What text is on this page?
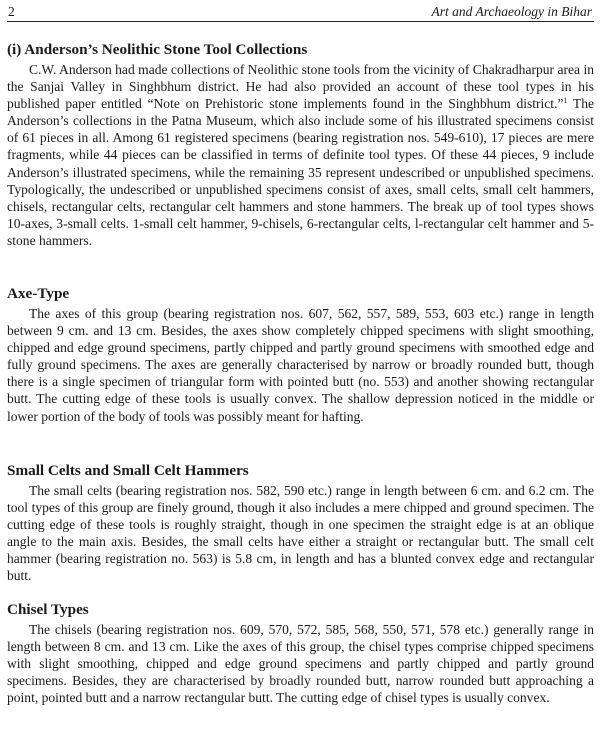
2	Art and Archaeology in Bihar
(i) Anderson’s Neolithic Stone Tool Collections

C.W. Anderson had made collections of Neolithic stone tools from the vicinity of Chakradharpur area in the Sanjai Valley in Singhbhum district. He had also provided an account of these tool types in his published paper entitled “Note on Prehistoric stone implements found in the Singhbhum district.”$^1$ The Anderson’s collections in the Patna Museum, which also include some of his illustrated specimens consist of 61 pieces in all. Among 61 registered specimens (bearing registration nos. 549-610), 17 pieces are mere fragments, while 44 pieces can be classified in terms of definite tool types. Of these 44 pieces, 9 include Anderson’s illustrated specimens, while the remaining 35 represent undescribed or unpublished specimens. Typologically, the undescribed or unpublished specimens consist of axes, small celts, small celt hammers, chisels, rectangular celts, rectangular celt hammers and stone hammers. The break up of tool types shows 10-axes, 3-small celts. 1-small celt hammer, 9-chisels, 6-rectangular celts, l-rectangular celt hammer and 5-stone hammers.

Axe-Type

The axes of this group (bearing registration nos. 607, 562, 557, 589, 553, 603 etc.) range in length between 9 cm. and 13 cm. Besides, the axes show completely chipped specimens with slight smoothing, chipped and edge ground specimens, partly chipped and partly ground specimens with smoothed edge and fully ground specimens. The axes are generally characterised by narrow or broadly rounded butt, though there is a single specimen of triangular form with pointed butt (no. 553) and another showing rectangular butt. The cutting edge of these tools is usually convex. The shallow depression noticed in the middle or lower portion of the body of tools was possibly meant for hafting.

Small Celts and Small Celt Hammers

The small celts (bearing registration nos. 582, 590 etc.) range in length between 6 cm. and 6.2 cm. The tool types of this group are finely ground, though it also includes a mere chipped and ground specimen. The cutting edge of these tools is roughly straight, though in one specimen the straight edge is at an oblique angle to the main axis. Besides, the small celts have either a straight or rectangular butt. The small celt hammer (bearing registration no. 563) is 5.8 cm, in length and has a blunted convex edge and rectangular butt.

Chisel Types

The chisels (bearing registration nos. 609, 570, 572, 585, 568, 550, 571, 578 etc.) generally range in length between 8 cm. and 13 cm. Like the axes of this group, the chisel types comprise chipped specimens with slight smoothing, chipped and edge ground specimens and partly chipped and partly ground specimens. Besides, they are characterised by broadly rounded butt, narrow rounded butt approaching a point, pointed butt and a narrow rectangular butt. The cutting edge of chisel types is usually convex.
